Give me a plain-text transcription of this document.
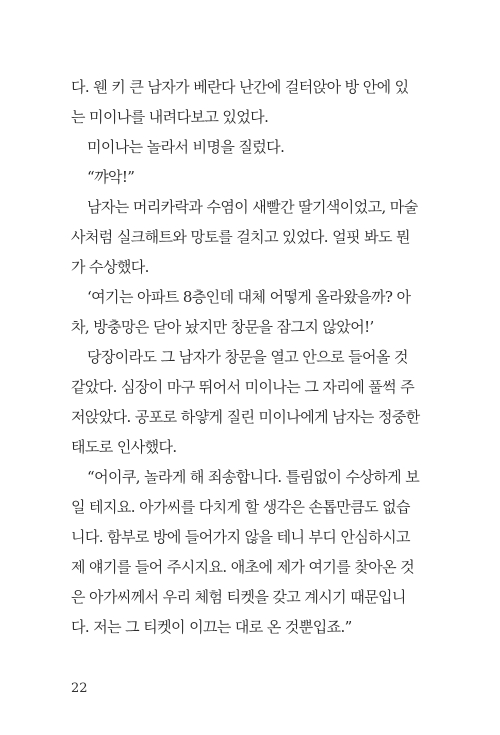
다. 웬 키 큰 남자가 베란다 난간에 걸터앉아 방 안에 있
는 미이나를 내려다보고 있었다.
미이나는 놀라서 비명을 질렀다.
“꺄악!”
남자는 머리카락과 수염이 새빨간 딸기색이었고, 마술
사처럼 실크해트와 망토를 걸치고 있었다. 얼핏 봐도 뭔
가 수상했다.
‘여기는 아파트 8층인데 대체 어떻게 올라왔을까? 아
차, 방충망은 닫아 놨지만 창문을 잠그지 않았어!’
당장이라도 그 남자가 창문을 열고 안으로 들어올 것
같았다. 심장이 마구 뛰어서 미이나는 그 자리에 풀썩 주
저앉았다. 공포로 하얗게 질린 미이나에게 남자는 정중한
태도로 인사했다.
“어이쿠, 놀라게 해 죄송합니다. 틀림없이 수상하게 보
일 테지요. 아가씨를 다치게 할 생각은 손톱만큼도 없습
니다. 함부로 방에 들어가지 않을 테니 부디 안심하시고
제 얘기를 들어 주시지요. 애초에 제가 여기를 찾아온 것
은 아가씨께서 우리 체험 티켓을 갖고 계시기 때문입니
다. 저는 그 티켓이 이끄는 대로 온 것뿐입죠.”

22
